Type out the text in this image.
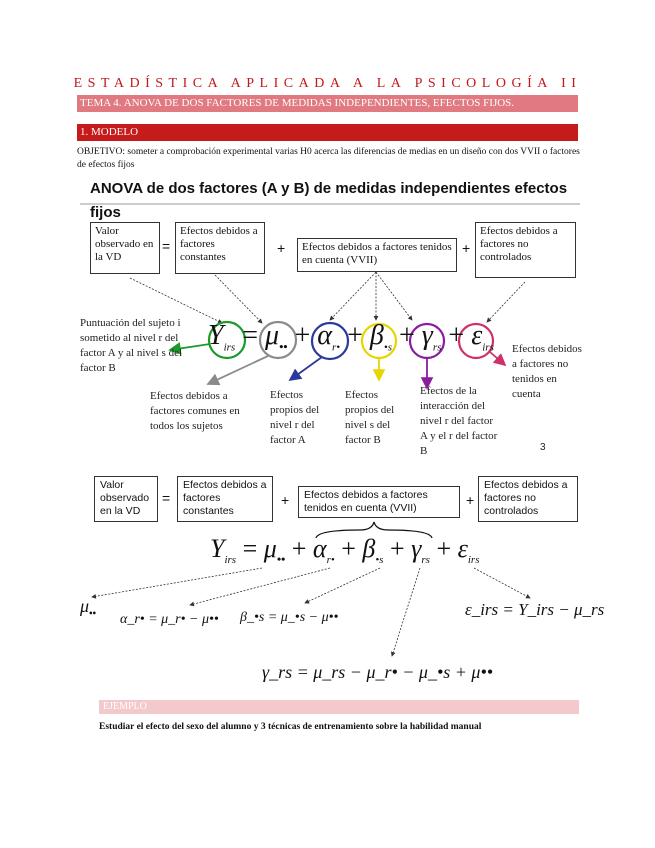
ESTADÍSTICA APLICADA A LA PSICOLOGÍA II
TEMA 4. ANOVA DE DOS FACTORES DE MEDIDAS INDEPENDIENTES, EFECTOS FIJOS.
1. MODELO
OBJETIVO: someter a comprobación experimental varias H0 acerca las diferencias de medias en un diseño con dos VVII o factores de efectos fijos
ANOVA de dos factores (A y B) de medidas independientes efectos fijos
Valor observado en la VD
=
Efectos debidos a factores constantes
+	Efectos debidos a factores tenidos en cuenta (VVII)
+
Efectos debidos a factores no controlados
$Y_{irs} = \mu_{••} + \alpha_{r•} + \beta_{•s} + \gamma_{rs} + \varepsilon_{irs}$
Puntuación del sujeto i sometido al nivel r del factor A y al nivel s del factor B
Efectos debidos a factores comunes en todos los sujetos
Efectos propios del nivel r del factor A
Efectos propios del nivel s del factor B
Efectos de la interacción del nivel r del factor A y el r del factor B
Efectos debidos a factores no tenidos en cuenta
3
Valor observado en la VD
=
Efectos debidos a factores constantes
+	Efectos debidos a factores tenidos en cuenta (VVII)	+
Efectos debidos a factores no controlados
$Y_{irs} = \mu_{••} + \alpha_{r•} + \beta_{•s} + \gamma_{rs} + \varepsilon_{irs}$
$\mu_{••}$ α_r• = μ_r• − μ•• β_•s = μ_•s − μ••	ε_irs = Y_irs − μ_rs
γ_rs = μ_rs − μ_r• − μ_•s + μ••
EJEMPLO
Estudiar el efecto del sexo del alumno y 3 técnicas de entrenamiento sobre la habilidad manual
